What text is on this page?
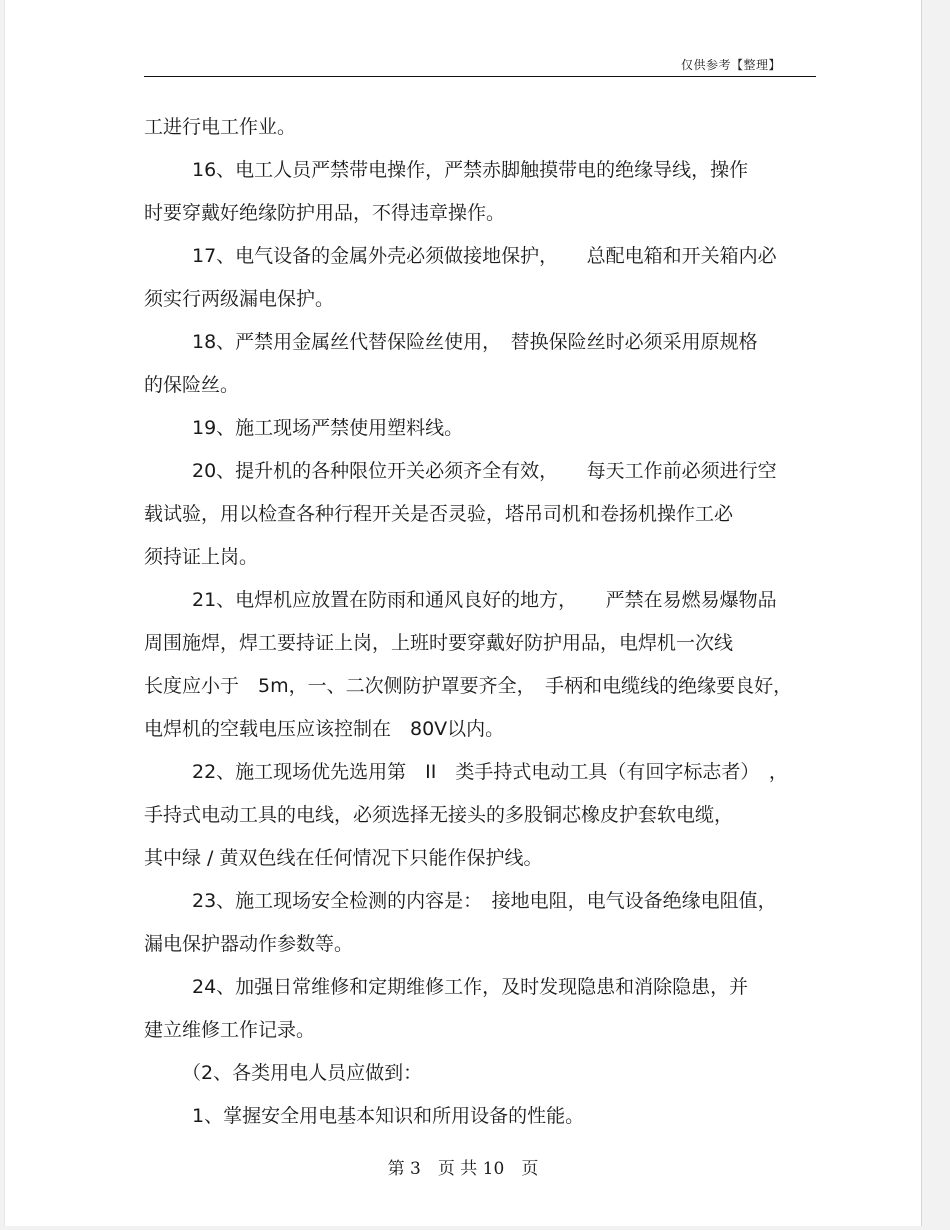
仅供参考【整理】
工进行电工作业。
16、电工人员严禁带电操作，严禁赤脚触摸带电的绝缘导线，操作
时要穿戴好绝缘防护用品，不得违章操作。
17、电气设备的金属外壳必须做接地保护，　　总配电箱和开关箱内必
须实行两级漏电保护。
18、严禁用金属丝代替保险丝使用，　替换保险丝时必须采用原规格
的保险丝。
19、施工现场严禁使用塑料线。
20、提升机的各种限位开关必须齐全有效，　　每天工作前必须进行空
载试验，用以检查各种行程开关是否灵验，塔吊司机和卷扬机操作工必
须持证上岗。
21、电焊机应放置在防雨和通风良好的地方，　　严禁在易燃易爆物品
周围施焊，焊工要持证上岗，上班时要穿戴好防护用品，电焊机一次线
长度应小于　5m，一、二次侧防护罩要齐全，　手柄和电缆线的绝缘要良好，
电焊机的空载电压应该控制在　80V以内。
22、施工现场优先选用第　II　类手持式电动工具（有回字标志者）　，
手持式电动工具的电线，必须选择无接头的多股铜芯橡皮护套软电缆，
其中绿 / 黄双色线在任何情况下只能作保护线。
23、施工现场安全检测的内容是：　接地电阻，电气设备绝缘电阻值，
漏电保护器动作参数等。
24、加强日常维修和定期维修工作，及时发现隐患和消除隐患，并
建立维修工作记录。
（2、各类用电人员应做到：
1、掌握安全用电基本知识和所用设备的性能。
第 3　页 共 10　页
